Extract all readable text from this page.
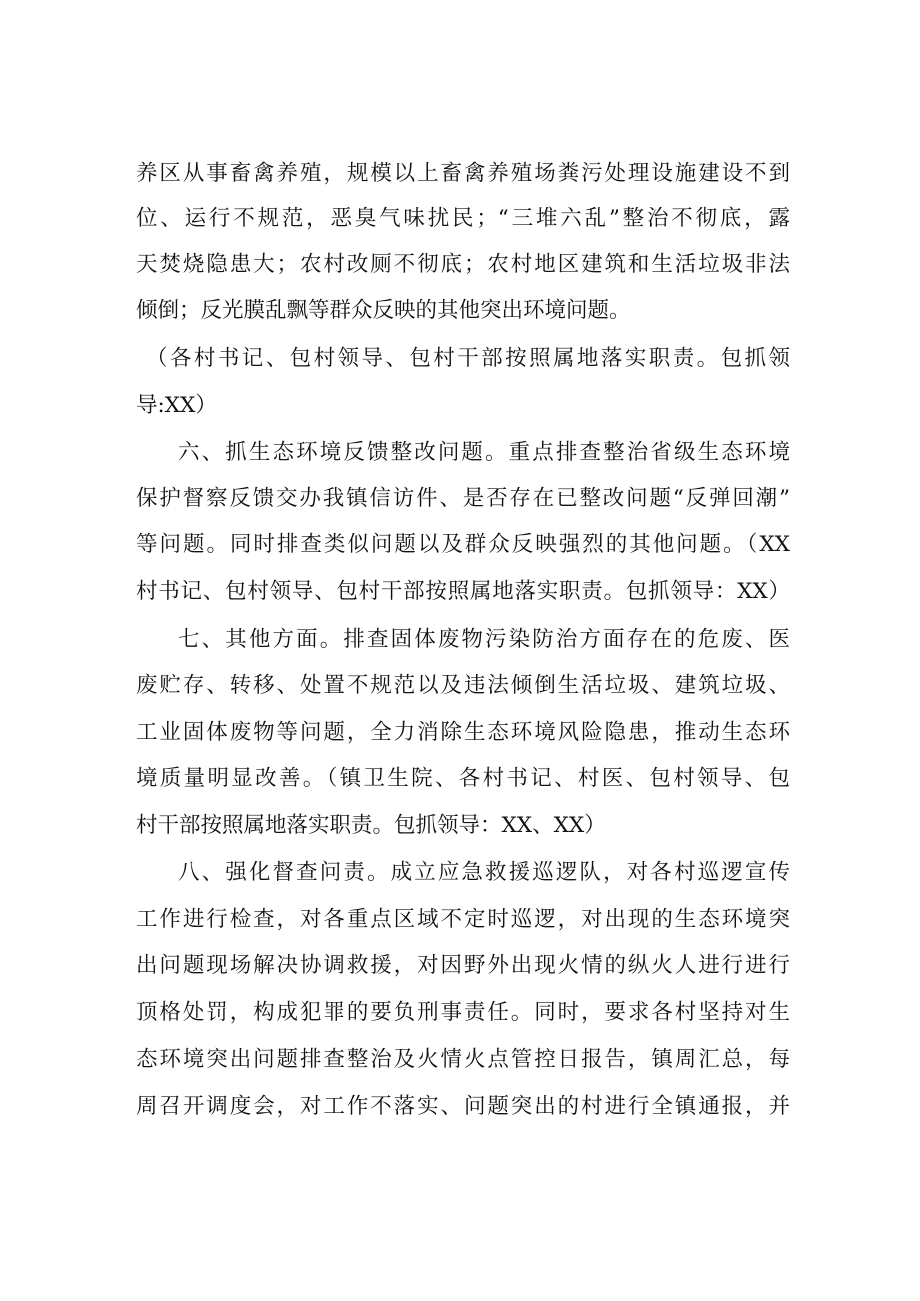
养区从事畜禽养殖，规模以上畜禽养殖场粪污处理设施建设不到
位、运行不规范，恶臭气味扰民；“三堆六乱”整治不彻底，露
天焚烧隐患大；农村改厕不彻底；农村地区建筑和生活垃圾非法
倾倒；反光膜乱飘等群众反映的其他突出环境问题。
（各村书记、包村领导、包村干部按照属地落实职责。包抓领
导:XX）
六、抓生态环境反馈整改问题。重点排查整治省级生态环境
保护督察反馈交办我镇信访件、是否存在已整改问题“反弹回潮”
等问题。同时排查类似问题以及群众反映强烈的其他问题。（XX
村书记、包村领导、包村干部按照属地落实职责。包抓领导：XX）
七、其他方面。排查固体废物污染防治方面存在的危废、医
废贮存、转移、处置不规范以及违法倾倒生活垃圾、建筑垃圾、
工业固体废物等问题，全力消除生态环境风险隐患，推动生态环
境质量明显改善。（镇卫生院、各村书记、村医、包村领导、包
村干部按照属地落实职责。包抓领导：XX、XX）
八、强化督查问责。成立应急救援巡逻队，对各村巡逻宣传
工作进行检查，对各重点区域不定时巡逻，对出现的生态环境突
出问题现场解决协调救援，对因野外出现火情的纵火人进行进行
顶格处罚，构成犯罪的要负刑事责任。同时，要求各村坚持对生
态环境突出问题排查整治及火情火点管控日报告，镇周汇总，每
周召开调度会，对工作不落实、问题突出的村进行全镇通报，并
